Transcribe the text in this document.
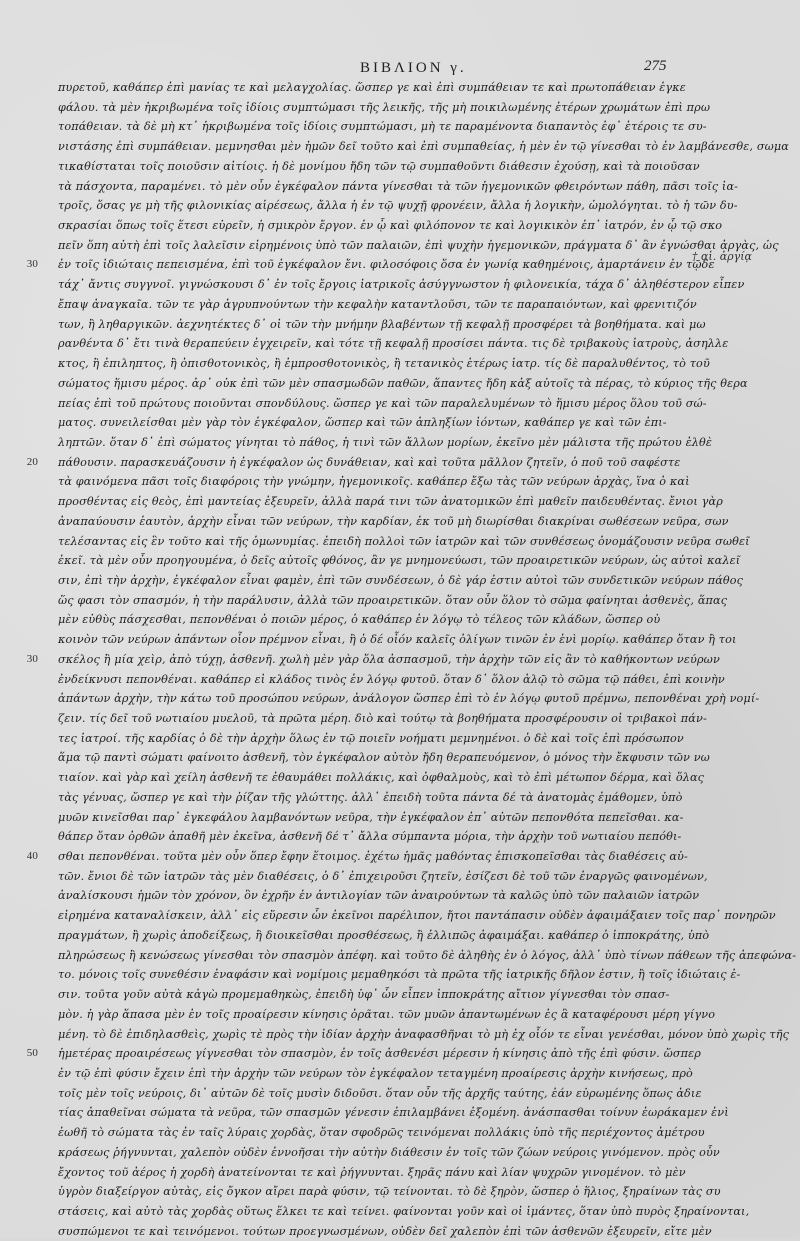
ΒΙΒΛΙΟΝ γ.	275
πυρετοῦ, καθάπερ ἐπὶ μανίας τε καὶ μελαγχολίας. ὥσπερ γε καὶ ἐπὶ συμπάθειαν τε καὶ πρωτοπάθειαν ἐγκε
φάλου. τὰ μὲν ἠκριβωμένα τοῖς ἰδίοις συμπτώμασι τῆς λεικῆς, τῆς μὴ ποικιλωμένης ἑτέρων χρωμάτων ἐπὶ πρω
τοπάθειαν. τὰ δὲ μὴ κτ᾿ ἠκριβωμένα τοῖς ἰδίοις συμπτώμασι, μὴ τε παραμένοντα διαπαντὸς ἐφ᾿ ἑτέροις τε συ-
νιστάσης ἐπὶ συμπάθειαν. μεμνησθαι μὲν ἡμῶν δεῖ τοῦτο καὶ ἐπὶ συμπαθείας, ἡ μὲν ἐν τῷ γίνεσθαι τὸ ἐν λαμβάνεσθε, σωμα
τικαθίσταται τοῖς ποιοῦσιν αἰτίοις. ἡ δὲ μονίμου ἤδη τῶν τῷ συμπαθοῦντι διάθεσιν ἐχούσῃ, καὶ τὰ ποιοῦσαν
τὰ πάσχοντα, παραμένει. τὸ μὲν οὖν ἐγκέφαλον πάντα γίνεσθαι τὰ τῶν ἡγεμονικῶν φθειρόντων πάθη, πᾶσι τοῖς ἰα-
τροῖς, ὅσας γε μὴ τῆς φιλονικίας αἱρέσεως, ἄλλα ἡ ἐν τῷ ψυχῇ φρονέειν, ἄλλα ἡ λογικὴν, ὡμολόγηται. τὸ ἡ τῶν δυ-
σκρασίαι ὅπως τοῖς ἕτεσι εὑρεῖν, ἡ σμικρὸν ἔργον. ἐν ᾧ καὶ φιλόπονον τε καὶ λογικικὸν ἐπ᾿ ἰατρόν, ἐν ᾧ τῷ σκο
πεῖν ὅπη αὐτὴ ἐπὶ τοῖς λαλεῖσιν εἰρημένοις ὑπὸ τῶν παλαιῶν, ἐπὶ ψυχὴν ἡγεμονικῶν, πράγματα δ᾿ ἂν ἐγνώσθαι ἀργὰς, ὡς
ἐν τοῖς ἰδιώταις πεπεισμένα, ἐπὶ τοῦ ἐγκέφαλον ἔνι. φιλοσόφοις ὅσα ἐν γωνίᾳ καθημένοις, ἁμαρτάνειν ἐν τῷδε
30
τάχ᾿ ἄντις συγγνοῖ. γιγνώσκουσι δ᾿ ἐν τοῖς ἔργοις ἰατρικοῖς ἀσύγγνωστον ἡ φιλονεικία, τάχα δ᾿ ἀληθέστερον εἶπεν
ἔπαψ ἀναγκαῖα. τῶν τε γὰρ ἀγρυπνούντων τὴν κεφαλὴν καταντλοῦσι, τῶν τε παραπαιόντων, καὶ φρενιτιζόν
των, ἢ ληθαργικῶν. ἀεχνητέκτες δ᾿ οἱ τῶν τὴν μνήμην βλαβέντων τῇ κεφαλῇ προσφέρει τὰ βοηθήματα. καὶ μω
ρανθέντα δ᾿ ἔτι τινὰ θεραπεύειν ἐγχειρεῖν, καὶ τότε τῇ κεφαλῇ προσίσει πάντα. τις δὲ τριβακοὺς ἰατροὺς, ἀσηλλε
κτος, ἢ ἐπιληπτος, ἢ ὀπισθοτονικὸς, ἢ ἐμπροσθοτονικὸς, ἢ τετανικὸς ἑτέρως ἰατρ. τίς δὲ παραλυθέντος, τὸ τοῦ
σώματος ἥμισυ μέρος. ἀρ᾿ οὐκ ἐπὶ τῶν μὲν σπασμωδῶν παθῶν, ἅπαντες ἤδη κἀξ αὐτοῖς τὰ πέρας, τὸ κύριος τῆς θερα
πείας ἐπὶ τοῦ πρώτους ποιοῦνται σπονδύλους. ὥσπερ γε καὶ τῶν παραλελυμένων τὸ ἥμισυ μέρος ὅλου τοῦ σώ-
ματος. συνειλείσθαι μὲν γὰρ τὸν ἐγκέφαλον, ὥσπερ καὶ τῶν ἀπληξίων ἰόντων, καθάπερ γε καὶ τῶν ἐπι-
ληπτῶν. ὅταν δ᾿ ἐπὶ σώματος γίνηται τὸ πάθος, ἡ τινὶ τῶν ἄλλων μορίων, ἐκεῖνο μὲν μάλιστα τῆς πρώτου ἐλθὲ
πάθουσιν. παρασκευάζουσιν ἡ ἐγκέφαλον ὡς δυνάθειαν, καὶ καὶ τοῦτα μᾶλλον ζητεῖν, ὁ ποῦ τοῦ σαφέστε
20
τὰ φαινόμενα πᾶσι τοῖς διαφόροις τὴν γνώμην, ἡγεμονικοῖς. καθάπερ ἔξω τὰς τῶν νεύρων ἀρχὰς, ἵνα ὁ καὶ
προσθέντας εἰς θεὸς, ἐπὶ μαντείας ἐξευρεῖν, ἀλλὰ παρά τινι τῶν ἀνατομικῶν ἐπὶ μαθεῖν παιδευθέντας. ἔνιοι γὰρ
ἀναπαύουσιν ἑαυτὸν, ἀρχὴν εἶναι τῶν νεύρων, τὴν καρδίαν, ἐκ τοῦ μὴ διωρίσθαι διακρίναι σωθέσεων νεῦρα, σων
τελέσαντας εἰς ἓν τοῦτο καὶ τῆς ὁμωνυμίας. ἐπειδὴ πολλοὶ τῶν ἰατρῶν καὶ τῶν συνθέσεως ὀνομάζουσιν νεῦρα σωθεῖ
ἐκεῖ. τὰ μὲν οὖν προηγουμένα, ὁ δεῖς αὐτοῖς φθόνος, ἂν γε μνημονεύωσι, τῶν προαιρετικῶν νεύρων, ὡς αὐτοὶ καλεῖ
σιν, ἐπὶ τὴν ἀρχὴν, ἐγκέφαλον εἶναι φαμὲν, ἐπὶ τῶν συνδέσεων, ὁ δὲ γάρ ἐστιν αὐτοὶ τῶν συνδετικῶν νεύρων πάθος
ὥς φασι τὸν σπασμόν, ἡ τὴν παράλυσιν, ἀλλὰ τῶν προαιρετικῶν. ὅταν οὖν ὅλον τὸ σῶμα φαίνηται ἀσθενὲς, ἅπας
μὲν εὐθὺς πάσχεσθαι, πεπονθέναι ὁ ποιῶν μέρος, ὁ καθάπερ ἐν λόγῳ τὸ τέλεος τῶν κλάδων, ὥσπερ οὐ
κοινὸν τῶν νεύρων ἁπάντων οἷον πρέμνον εἶναι, ἢ ὁ δέ οἷόν καλεῖς ὀλίγων τινῶν ἐν ἑνὶ μορίῳ. καθάπερ ὅταν ἢ τοι
σκέλος ἢ μία χεὶρ, ἀπὸ τύχῃ, ἀσθενῆ. χωλὴ μὲν γὰρ ὅλα ἀσπασμοῦ, τὴν ἀρχὴν τῶν εἰς ἂν τὸ καθήκοντων νεύρων
30
ἐνδείκνυσι πεπονθέναι. καθάπερ εἰ κλάδος τινὸς ἐν λόγῳ φυτοῦ. ὅταν δ᾿ ὅλον ἀλῷ τὸ σῶμα τῷ πάθει, ἐπὶ κοινὴν
ἁπάντων ἀρχὴν, τὴν κάτω τοῦ προσώπου νεύρων, ἀνάλογον ὥσπερ ἐπὶ τὸ ἐν λόγῳ φυτοῦ πρέμνω, πεπονθέναι χρὴ νομί-
ζειν. τίς δεῖ τοῦ νωτιαίου μυελοῦ, τὰ πρῶτα μέρη. διὸ καὶ τούτῳ τὰ βοηθήματα προσφέρουσιν οἱ τριβακοὶ πάν-
τες ἰατροί. τῆς καρδίας ὁ δὲ τὴν ἀρχὴν ὅλως ἐν τῷ ποιεῖν νοήματι μεμνημένοι. ὁ δὲ καὶ τοῖς ἐπὶ πρόσωπον
ἅμα τῷ παντὶ σώματι φαίνοιτο ἀσθενῆ, τὸν ἐγκέφαλον αὐτὸν ἤδη θεραπευόμενον, ὁ μόνος τὴν ἔκφυσιν τῶν νω
τιαίον. καὶ γὰρ καὶ χείλη ἀσθενῆ τε ἐθαυμάθει πολλάκις, καὶ ὀφθαλμοὺς, καὶ τὸ ἐπὶ μέτωπον δέρμα, καὶ ὅλας
τὰς γένυας, ὥσπερ γε καὶ τὴν ῥίζαν τῆς γλώττης. ἀλλ᾿ ἐπειδὴ τοῦτα πάντα δέ τὰ ἀνατομὰς ἐμάθομεν, ὑπὸ
μυῶν κινεῖσθαι παρ᾿ ἐγκεφάλου λαμβανόντων νεῦρα, τὴν ἐγκέφαλον ἐπ᾿ αὐτῶν πεπονθότα πεπεῖσθαι. κα-
θάπερ ὅταν ὀρθῶν ἀπαθῆ μὲν ἐκεῖνα, ἀσθενῆ δέ τ᾿ ἄλλα σύμπαντα μόρια, τὴν ἀρχὴν τοῦ νωτιαίου πεπόθι-
σθαι πεπονθέναι. τοῦτα μὲν οὖν ὅπερ ἔφην ἕτοιμος. ἐχέτω ἡμᾶς μαθόντας ἐπισκοπεῖσθαι τὰς διαθέσεις αὐ-
40
τῶν. ἔνιοι δὲ τῶν ἰατρῶν τὰς μὲν διαθέσεις, ὁ δ᾿ ἐπιχειροῦσι ζητεῖν, ἐσίζεσι δὲ τοῦ τῶν ἐναργῶς φαινομένων,
ἀναλίσκουσι ἡμῶν τὸν χρόνον, ὃν ἐχρῆν ἐν ἀντιλογίαν τῶν ἀναιρούντων τὰ καλῶς ὑπὸ τῶν παλαιῶν ἰατρῶν
εἰρημένα καταναλίσκειν, ἀλλ᾿ εἰς εὕρεσιν ὧν ἐκεῖνοι παρέλιπον, ἤτοι παντάπασιν οὐδὲν ἀφαιμάξαιεν τοῖς παρ᾿ πονηρῶν
πραγμάτων, ἢ χωρὶς ἀποδείξεως, ἢ διοικεῖσθαι προσθέσεως, ἢ ἐλλιπῶς ἀφαιμάξαι. καθάπερ ὁ ἱπποκράτης, ὑπὸ
πληρώσεως ἢ κενώσεως γίνεσθαι τὸν σπασμὸν ἀπέφη. καὶ τοῦτο δὲ ἀληθὴς ἐν ὁ λόγος, ἀλλ᾿ ὑπὸ τίνων πάθεων τῆς ἀπεφώνα-
το. μόνοις τοῖς συνεθέσιν ἐναφάσιν καὶ νομίμοις μεμαθηκόσι τὰ πρῶτα τῆς ἰατρικῆς δῆλον ἐστιν, ἢ τοῖς ἰδιώταις ἐ-
σιν. τοῦτα γοῦν αὐτὰ κἀγὼ προμεμαθηκὼς, ἐπειδὴ ὑφ᾿ ὧν εἶπεν ἱπποκράτης αἴτιον γίγνεσθαι τὸν σπασ-
μὸν. ἡ γὰρ ἅπασα μὲν ἐν τοῖς προαίρεσιν κίνησις ὁρᾶται. τῶν μυῶν ἀπαντωμένων ἐς ἃ καταφέρουσι μέρη γίγνο
μένη. τὸ δὲ ἐπιδηλασθεὶς, χωρὶς τὲ πρὸς τὴν ἰδίαν ἀρχὴν ἀναφασθῆναι τὸ μὴ ἐχ οἷόν τε εἶναι γενέσθαι, μόνον ὑπὸ χωρὶς τῆς
ἡμετέρας προαιρέσεως γίγνεσθαι τὸν σπασμὸν, ἐν τοῖς ἀσθενέσι μέρεσιν ἡ κίνησις ἀπὸ τῆς ἐπὶ φύσιν. ὥσπερ
50
ἐν τῷ ἐπὶ φύσιν ἔχειν ἐπὶ τὴν ἀρχὴν τῶν νεύρων τὸν ἐγκέφαλον τεταγμένη προαίρεσις ἀρχὴν κινήσεως, πρὸ
τοῖς μὲν τοῖς νεύροις, δι᾿ αὐτῶν δὲ τοῖς μυσὶν διδοῦσι. ὅταν οὖν τῆς ἀρχῆς ταύτης, ἐάν εὐρωμένης ὅπως ἀδιε
τίας ἀπαθεῖναι σώματα τὰ νεῦρα, τῶν σπασμῶν γένεσιν ἐπιλαμβάνει ἐξομένη. ἀνάσπασθαι τοίνυν ἐωράκαμεν ἑνὶ
ἐωθῆ τὸ σώματα τὰς ἐν ταῖς λύραις χορδὰς, ὅταν σφοδρῶς τεινόμεναι πολλάκις ὑπὸ τῆς περιέχοντος ἀμέτρου
κράσεως ῥήγνυνται, χαλεπὸν οὐδὲν ἐννοῆσαι τὴν αὐτὴν διάθεσιν ἐν τοῖς τῶν ζώων νεύροις γινόμενον. πρὸς οὖν
ἔχοντος τοῦ ἀέρος ἡ χορδὴ ἀνατείνονται τε καὶ ῥήγνυνται. ξηρᾶς πάνυ καὶ λίαν ψυχρῶν γινομένον. τὸ μὲν
ὑγρὸν διαξείργον αὐτὰς, εἰς ὄγκον αἴρει παρὰ φύσιν, τῷ τείνονται. τὸ δὲ ξηρὸν, ὥσπερ ὁ ἥλιος, ξηραίνων τὰς συ
στάσεις, καὶ αὐτὸ τὰς χορδὰς οὕτως ἕλκει τε καὶ τείνει. φαίνονται γοῦν καὶ οἱ ἱμάντες, ὅταν ὑπὸ πυρὸς ξηραίνονται,
συσπώμενοι τε καὶ τεινόμενοι. τούτων προεγνωσμένων, οὐδὲν δεῖ χαλεπὸν ἐπὶ τῶν ἀσθενῶν ἐξευρεῖν, εἴτε μὲν
† αἱ. ἀργίᾳ
